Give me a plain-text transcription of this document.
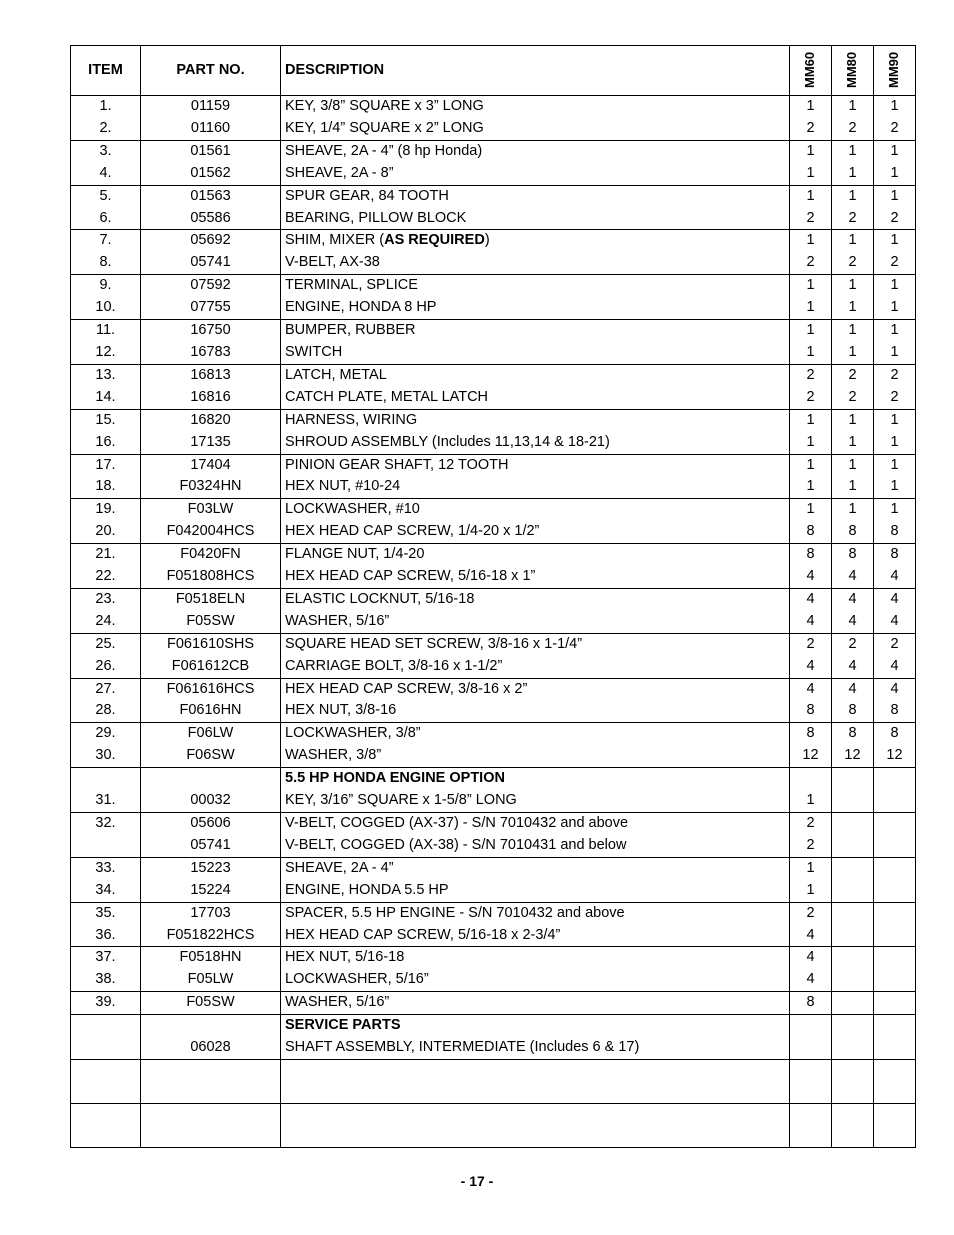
ITEM	PART NO.	DESCRIPTION	MM60	MM80	MM90
1.	01159	KEY, 3/8” SQUARE x 3” LONG	1	1	1
2.	01160	KEY, 1/4” SQUARE x 2” LONG	2	2	2
3.	01561	SHEAVE, 2A - 4” (8 hp Honda)	1	1	1
4.	01562	SHEAVE, 2A - 8”	1	1	1
5.	01563	SPUR GEAR, 84 TOOTH	1	1	1
6.	05586	BEARING, PILLOW BLOCK	2	2	2
7.	05692	SHIM, MIXER (AS REQUIRED)	1	1	1
8.	05741	V-BELT, AX-38	2	2	2
9.	07592	TERMINAL, SPLICE	1	1	1
10.	07755	ENGINE, HONDA 8 HP	1	1	1
11.	16750	BUMPER, RUBBER	1	1	1
12.	16783	SWITCH	1	1	1
13.	16813	LATCH, METAL	2	2	2
14.	16816	CATCH PLATE, METAL LATCH	2	2	2
15.	16820	HARNESS, WIRING	1	1	1
16.	17135	SHROUD ASSEMBLY (Includes 11,13,14 & 18-21)	1	1	1
17.	17404	PINION GEAR SHAFT, 12 TOOTH	1	1	1
18.	F0324HN	HEX NUT, #10-24	1	1	1
19.	F03LW	LOCKWASHER, #10	1	1	1
20.	F042004HCS	HEX HEAD CAP SCREW, 1/4-20 x 1/2”	8	8	8
21.	F0420FN	FLANGE NUT, 1/4-20	8	8	8
22.	F051808HCS	HEX HEAD CAP SCREW, 5/16-18 x 1”	4	4	4
23.	F0518ELN	ELASTIC LOCKNUT, 5/16-18	4	4	4
24.	F05SW	WASHER, 5/16”	4	4	4
25.	F061610SHS	SQUARE HEAD SET SCREW, 3/8-16 x 1-1/4”	2	2	2
26.	F061612CB	CARRIAGE BOLT, 3/8-16 x 1-1/2”	4	4	4
27.	F061616HCS	HEX HEAD CAP SCREW, 3/8-16 x 2”	4	4	4
28.	F0616HN	HEX NUT, 3/8-16	8	8	8
29.	F06LW	LOCKWASHER, 3/8”	8	8	8
30.	F06SW	WASHER, 3/8”	12	12	12
		5.5 HP HONDA ENGINE OPTION			
31.	00032	KEY, 3/16” SQUARE x 1-5/8” LONG	1		
32.	05606	V-BELT, COGGED (AX-37) - S/N 7010432 and above	2		
	05741	V-BELT, COGGED (AX-38) - S/N 7010431 and below	2		
33.	15223	SHEAVE, 2A - 4”	1		
34.	15224	ENGINE, HONDA 5.5 HP	1		
35.	17703	SPACER, 5.5 HP ENGINE - S/N 7010432 and above	2		
36.	F051822HCS	HEX HEAD CAP SCREW, 5/16-18 x 2-3/4”	4		
37.	F0518HN	HEX NUT, 5/16-18	4		
38.	F05LW	LOCKWASHER, 5/16”	4		
39.	F05SW	WASHER, 5/16”	8		

		SERVICE PARTS			
	06028	SHAFT ASSEMBLY, INTERMEDIATE (Includes 6 & 17)			

- 17 -
